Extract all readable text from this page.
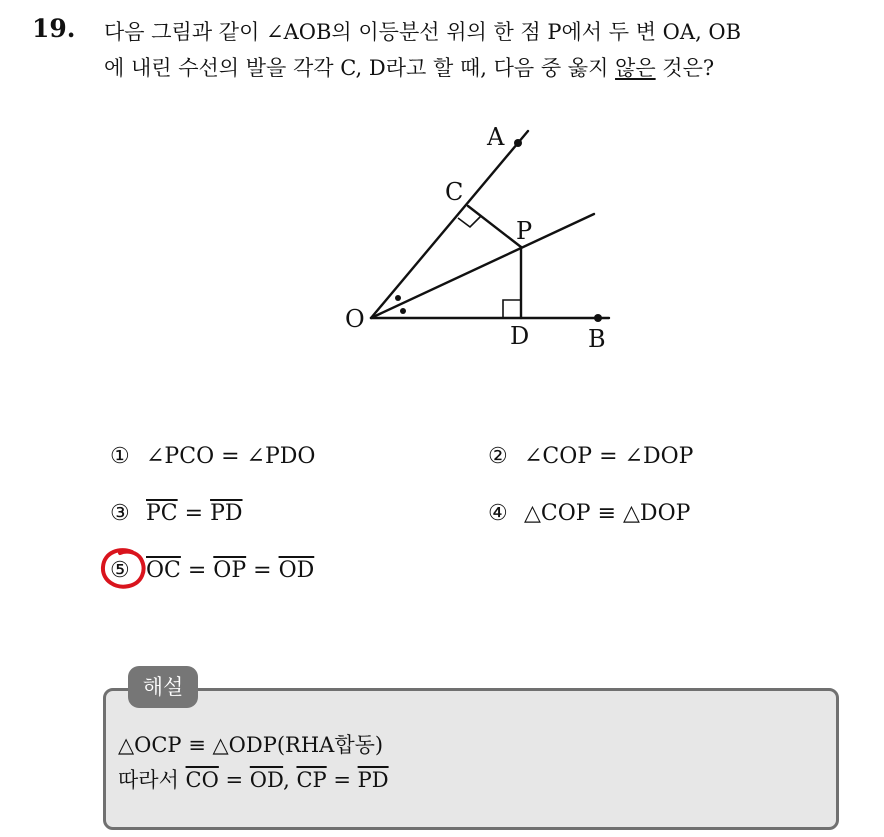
19. 다음 그림과 같이 ∠AOB의 이등분선 위의 한 점 P에서 두 변 OA, OB
에 내린 수선의 발을 각각 C, D라고 할 때, 다음 중 옳지 않은 것은?
A
C
P
O
D B
① ∠PCO = ∠PDO	② ∠COP = ∠DOP
③ $\overline{PC} = \overline{PD}$	④ △COP ≡ △DOP
⑤ $\overline{OC} = \overline{OP} = \overline{OD}$
해설
△OCP ≡ △ODP(RHA합동)
따라서 $\overline{CO} = \overline{OD}$, $\overline{CP} = \overline{PD}$
